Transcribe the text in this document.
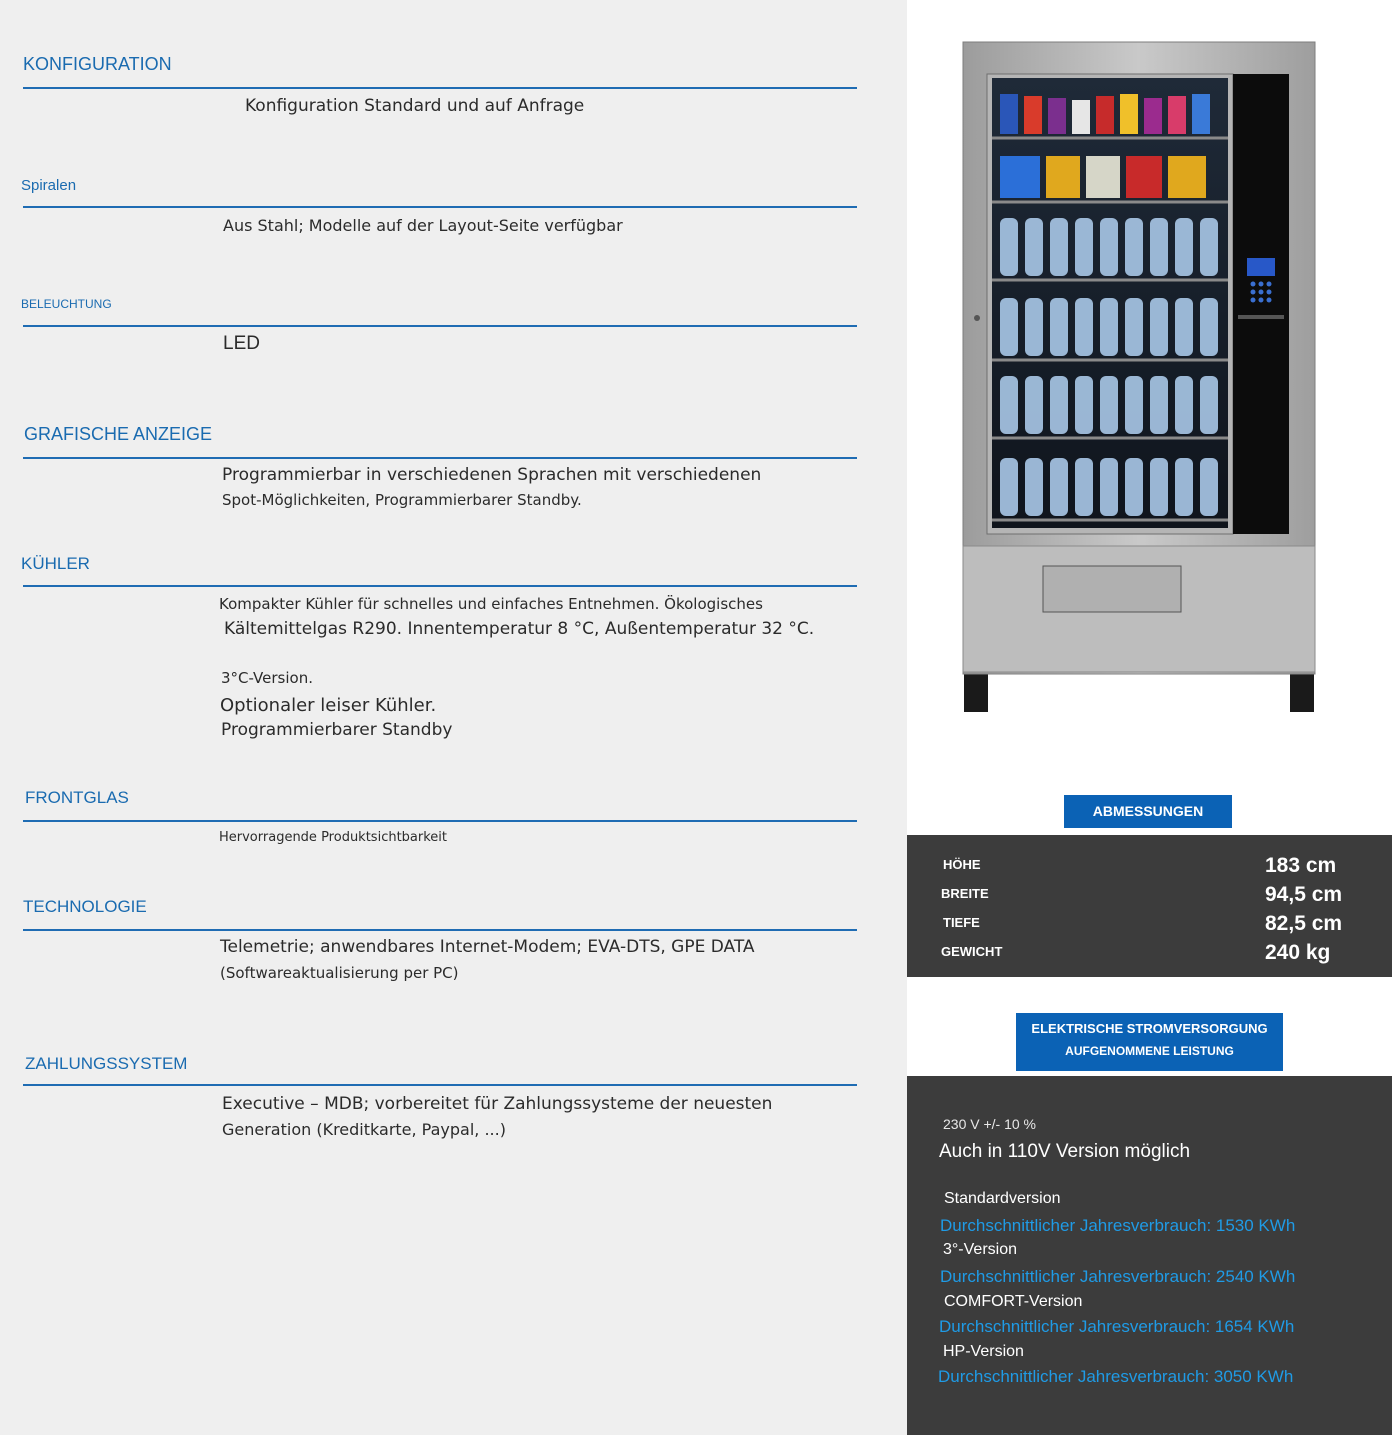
KONFIGURATION
Konfiguration Standard und auf Anfrage
Spiralen
Aus Stahl; Modelle auf der Layout-Seite verfügbar
BELEUCHTUNG
LED
GRAFISCHE ANZEIGE
Programmierbar in verschiedenen Sprachen mit verschiedenen
Spot-Möglichkeiten, Programmierbarer Standby.
KÜHLER
Kompakter Kühler für schnelles und einfaches Entnehmen. Ökologisches
Kältemittelgas R290. Innentemperatur 8 °C, Außentemperatur 32 °C.
3°C-Version.
Optionaler leiser Kühler.
Programmierbarer Standby
FRONTGLAS
Hervorragende Produktsichtbarkeit
TECHNOLOGIE
Telemetrie; anwendbares Internet-Modem; EVA-DTS, GPE DATA
(Softwareaktualisierung per PC)
ZAHLUNGSSYSTEM
Executive – MDB; vorbereitet für Zahlungssysteme der neuesten
Generation (Kreditkarte, Paypal, ...)
ABMESSUNGEN
HÖHE	183 cm
BREITE	94,5 cm
TIEFE	82,5 cm
GEWICHT	240 kg
ELEKTRISCHE STROMVERSORGUNG
AUFGENOMMENE LEISTUNG
230 V +/- 10 %
Auch in 110V Version möglich
Standardversion
Durchschnittlicher Jahresverbrauch: 1530 KWh
3°-Version
Durchschnittlicher Jahresverbrauch: 2540 KWh
COMFORT-Version
Durchschnittlicher Jahresverbrauch: 1654 KWh
HP-Version
Durchschnittlicher Jahresverbrauch: 3050 KWh
